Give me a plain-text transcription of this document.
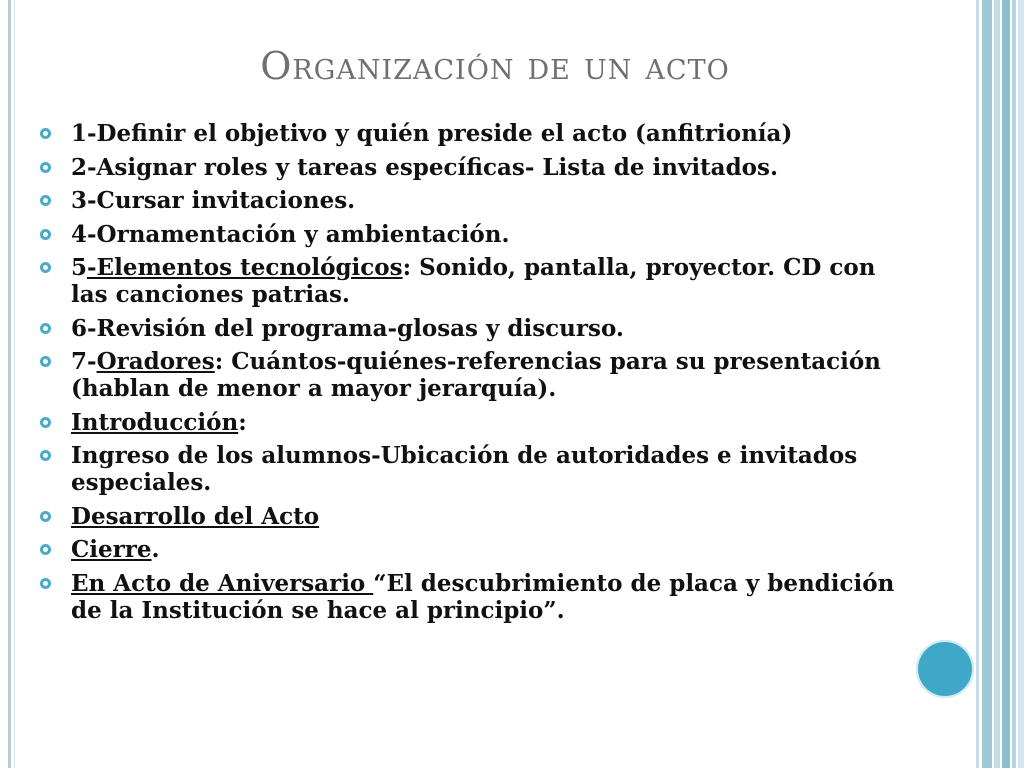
Organización de un acto
1-Definir el objetivo y quién preside el acto (anfitrionía)
2-Asignar roles y tareas específicas- Lista de invitados.
3-Cursar invitaciones.
4-Ornamentación y ambientación.
5-Elementos tecnológicos: Sonido, pantalla, proyector. CD con las canciones patrias.
6-Revisión del programa-glosas y discurso.
7-Oradores: Cuántos-quiénes-referencias para su presentación (hablan de menor a mayor jerarquía).
Introducción:
Ingreso de los alumnos-Ubicación de autoridades e invitados especiales.
Desarrollo del Acto
Cierre.
En Acto de Aniversario “El descubrimiento de placa y bendición de la Institución se hace al principio”.
